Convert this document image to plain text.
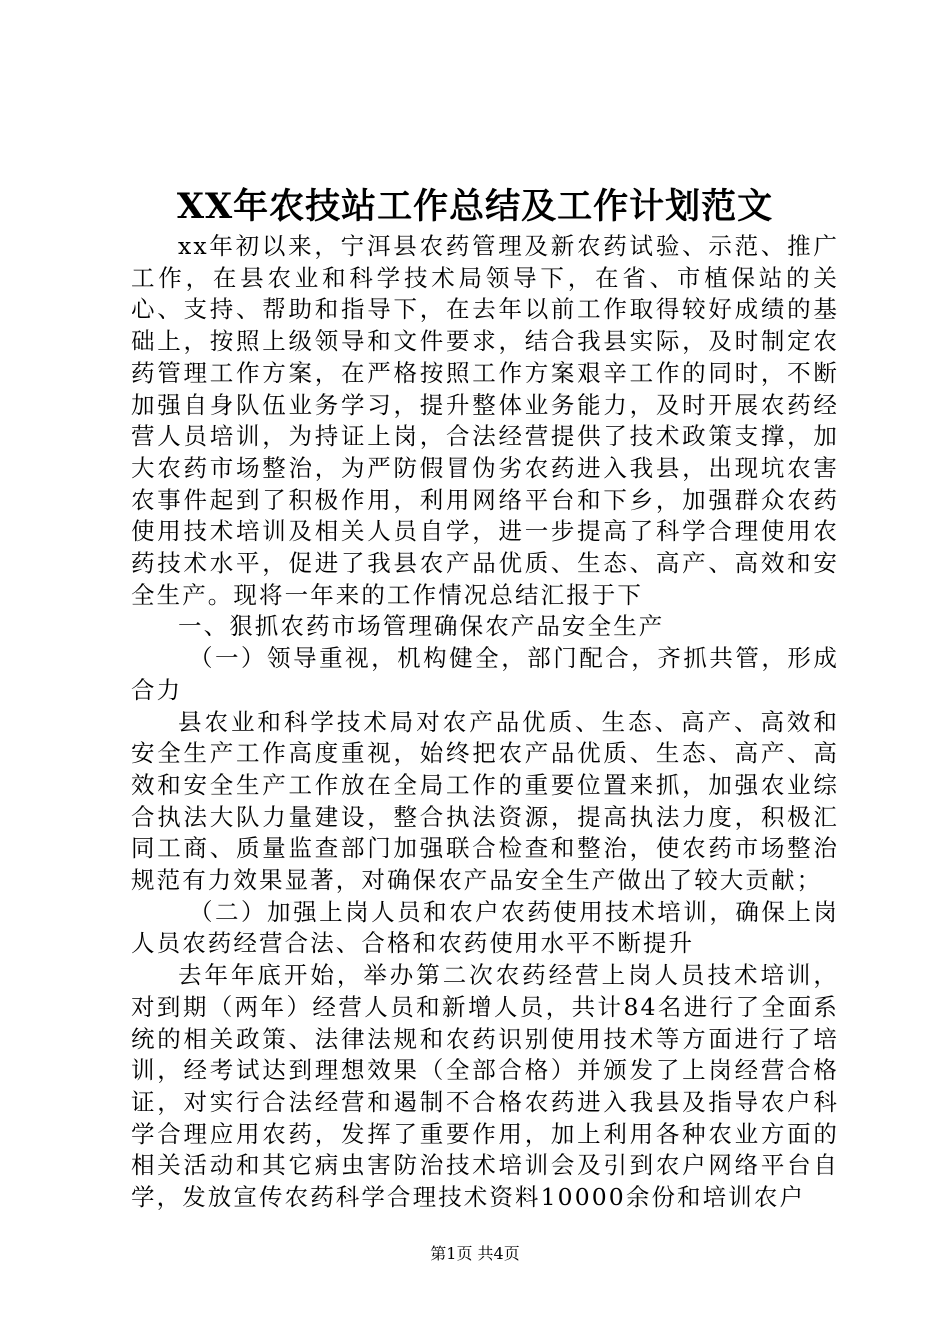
XX年农技站工作总结及工作计划范文

xx年初以来，宁洱县农药管理及新农药试验、示范、推广工作，在县农业和科学技术局领导下，在省、市植保站的关心、支持、帮助和指导下，在去年以前工作取得较好成绩的基础上，按照上级领导和文件要求，结合我县实际，及时制定农药管理工作方案，在严格按照工作方案艰辛工作的同时，不断加强自身队伍业务学习，提升整体业务能力，及时开展农药经营人员培训，为持证上岗，合法经营提供了技术政策支撑，加大农药市场整治，为严防假冒伪劣农药进入我县，出现坑农害农事件起到了积极作用，利用网络平台和下乡，加强群众农药使用技术培训及相关人员自学，进一步提高了科学合理使用农药技术水平，促进了我县农产品优质、生态、高产、高效和安全生产。现将一年来的工作情况总结汇报于下

一、狠抓农药市场管理确保农产品安全生产

（一）领导重视，机构健全，部门配合，齐抓共管，形成合力

县农业和科学技术局对农产品优质、生态、高产、高效和安全生产工作高度重视，始终把农产品优质、生态、高产、高效和安全生产工作放在全局工作的重要位置来抓，加强农业综合执法大队力量建设，整合执法资源，提高执法力度，积极汇同工商、质量监查部门加强联合检查和整治，使农药市场整治规范有力效果显著，对确保农产品安全生产做出了较大贡献；

（二）加强上岗人员和农户农药使用技术培训，确保上岗人员农药经营合法、合格和农药使用水平不断提升

去年年底开始，举办第二次农药经营上岗人员技术培训，对到期（两年）经营人员和新增人员，共计84名进行了全面系统的相关政策、法律法规和农药识别使用技术等方面进行了培训，经考试达到理想效果（全部合格）并颁发了上岗经营合格证，对实行合法经营和遏制不合格农药进入我县及指导农户科学合理应用农药，发挥了重要作用，加上利用各种农业方面的相关活动和其它病虫害防治技术培训会及引到农户网络平台自学，发放宣传农药科学合理技术资料10000余份和培训农户

第1页 共4页
